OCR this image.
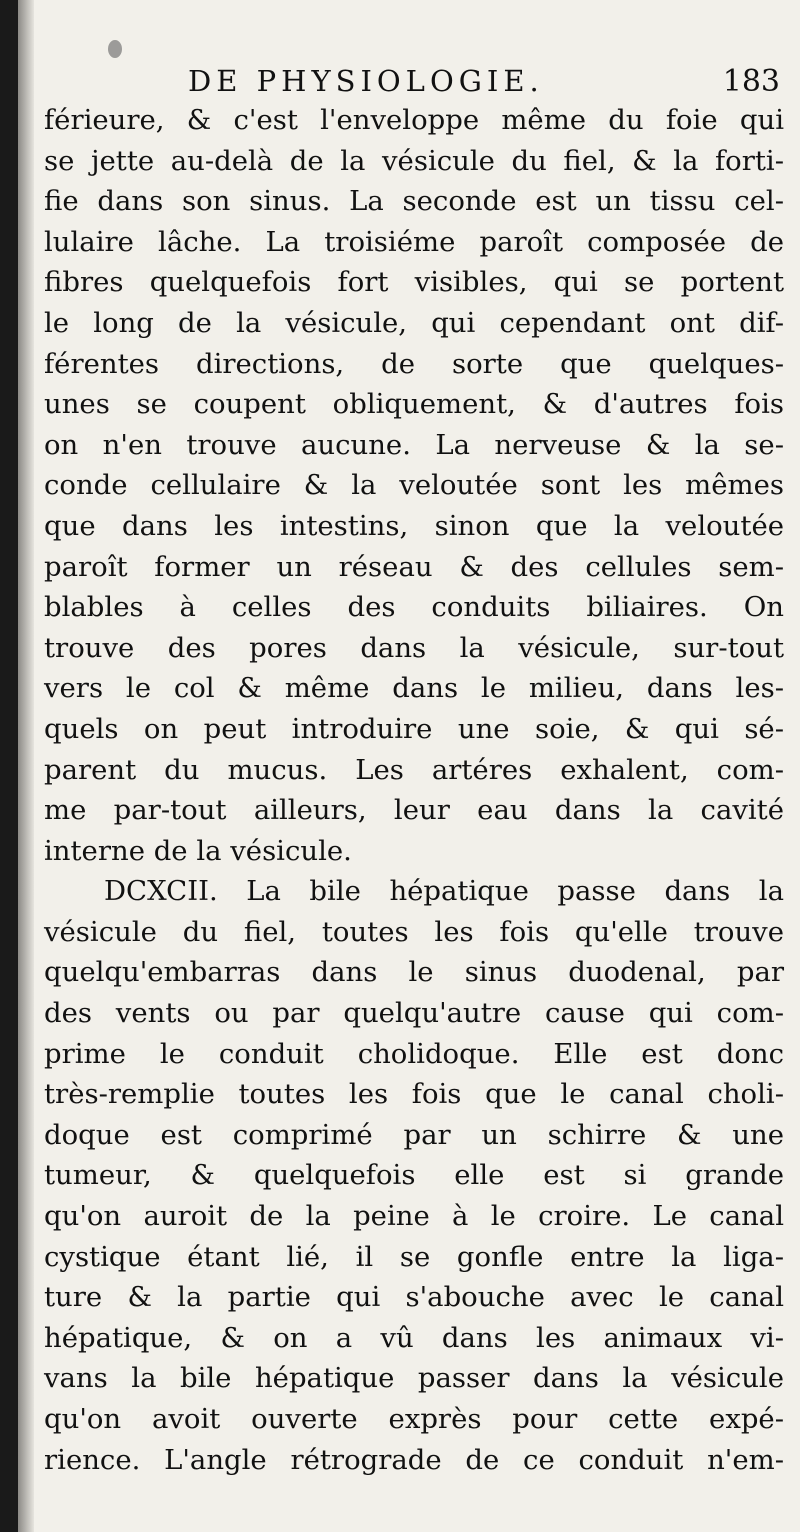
DE PHYSIOLOGIE.	183
férieure, & c'est l'enveloppe même du foie qui
se jette au-delà de la vésicule du fiel, & la forti-
fie dans son sinus. La seconde est un tissu cel-
lulaire lâche. La troisiéme paroît composée de
fibres quelquefois fort visibles, qui se portent
le long de la vésicule, qui cependant ont dif-
férentes directions, de sorte que quelques-
unes se coupent obliquement, & d'autres fois
on n'en trouve aucune. La nerveuse & la se-
conde cellulaire & la veloutée sont les mêmes
que dans les intestins, sinon que la veloutée
paroît former un réseau & des cellules sem-
blables à celles des conduits biliaires. On
trouve des pores dans la vésicule, sur-tout
vers le col & même dans le milieu, dans les-
quels on peut introduire une soie, & qui sé-
parent du mucus. Les artéres exhalent, com-
me par-tout ailleurs, leur eau dans la cavité
interne de la vésicule.
DCXCII. La bile hépatique passe dans la
vésicule du fiel, toutes les fois qu'elle trouve
quelqu'embarras dans le sinus duodenal, par
des vents ou par quelqu'autre cause qui com-
prime le conduit cholidoque. Elle est donc
très-remplie toutes les fois que le canal choli-
doque est comprimé par un schirre & une
tumeur, & quelquefois elle est si grande
qu'on auroit de la peine à le croire. Le canal
cystique étant lié, il se gonfle entre la liga-
ture & la partie qui s'abouche avec le canal
hépatique, & on a vû dans les animaux vi-
vans la bile hépatique passer dans la vésicule
qu'on avoit ouverte exprès pour cette expé-
rience. L'angle rétrograde de ce conduit n'em-
